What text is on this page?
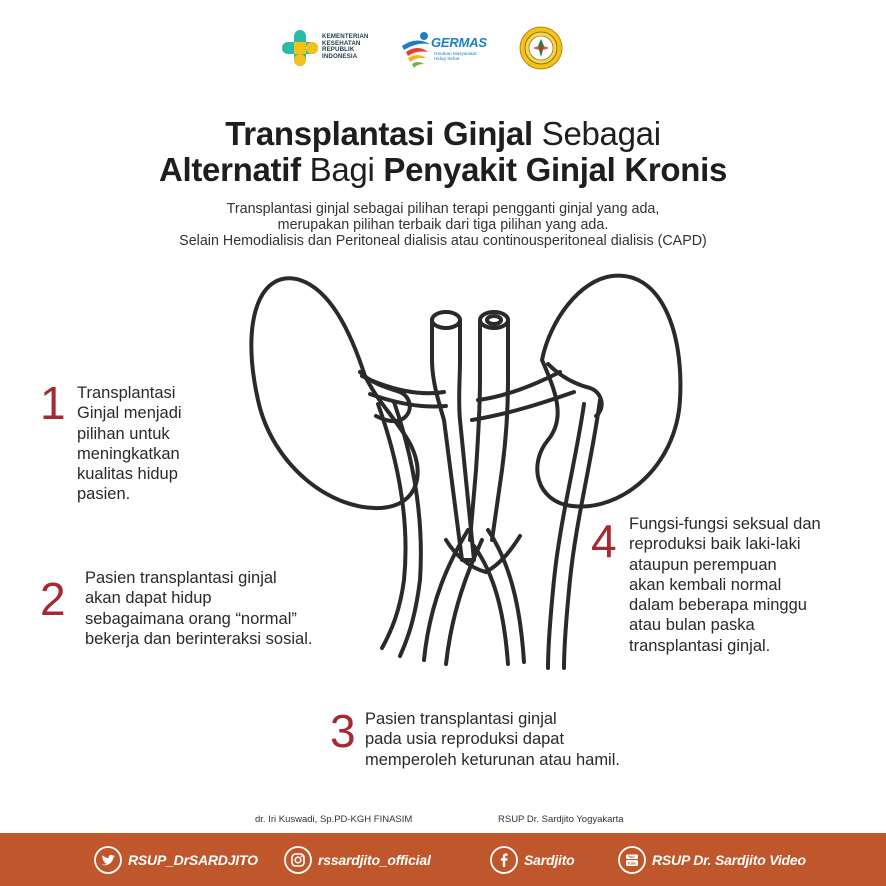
KEMENTERIAN
KESEHATAN
REPUBLIK
INDONESIA
GERMAS
Gerakan Masyarakat
Hidup Sehat
Transplantasi Ginjal Sebagai
Alternatif Bagi Penyakit Ginjal Kronis
Transplantasi ginjal sebagai pilihan terapi pengganti ginjal yang ada,
merupakan pilihan terbaik dari tiga pilihan yang ada.
Selain Hemodialisis dan Peritoneal dialisis atau continousperitoneal dialisis (CAPD)
1 Transplantasi
Ginjal menjadi
pilihan untuk
meningkatkan
kualitas hidup
pasien.
2 Pasien transplantasi ginjal
akan dapat hidup
sebagaimana orang “normal”
bekerja dan berinteraksi sosial.
3 Pasien transplantasi ginjal
pada usia reproduksi dapat
memperoleh keturunan atau hamil.
4 Fungsi-fungsi seksual dan
reproduksi baik laki-laki
ataupun perempuan
akan kembali normal
dalam beberapa minggu
atau bulan paska
transplantasi ginjal.
dr. Iri Kuswadi, Sp.PD-KGH FINASIM	RSUP Dr. Sardjito Yogyakarta
RSUP_DrSARDJITO	rssardjito_official	Sardjito	You
Tube RSUP Dr. Sardjito Video
